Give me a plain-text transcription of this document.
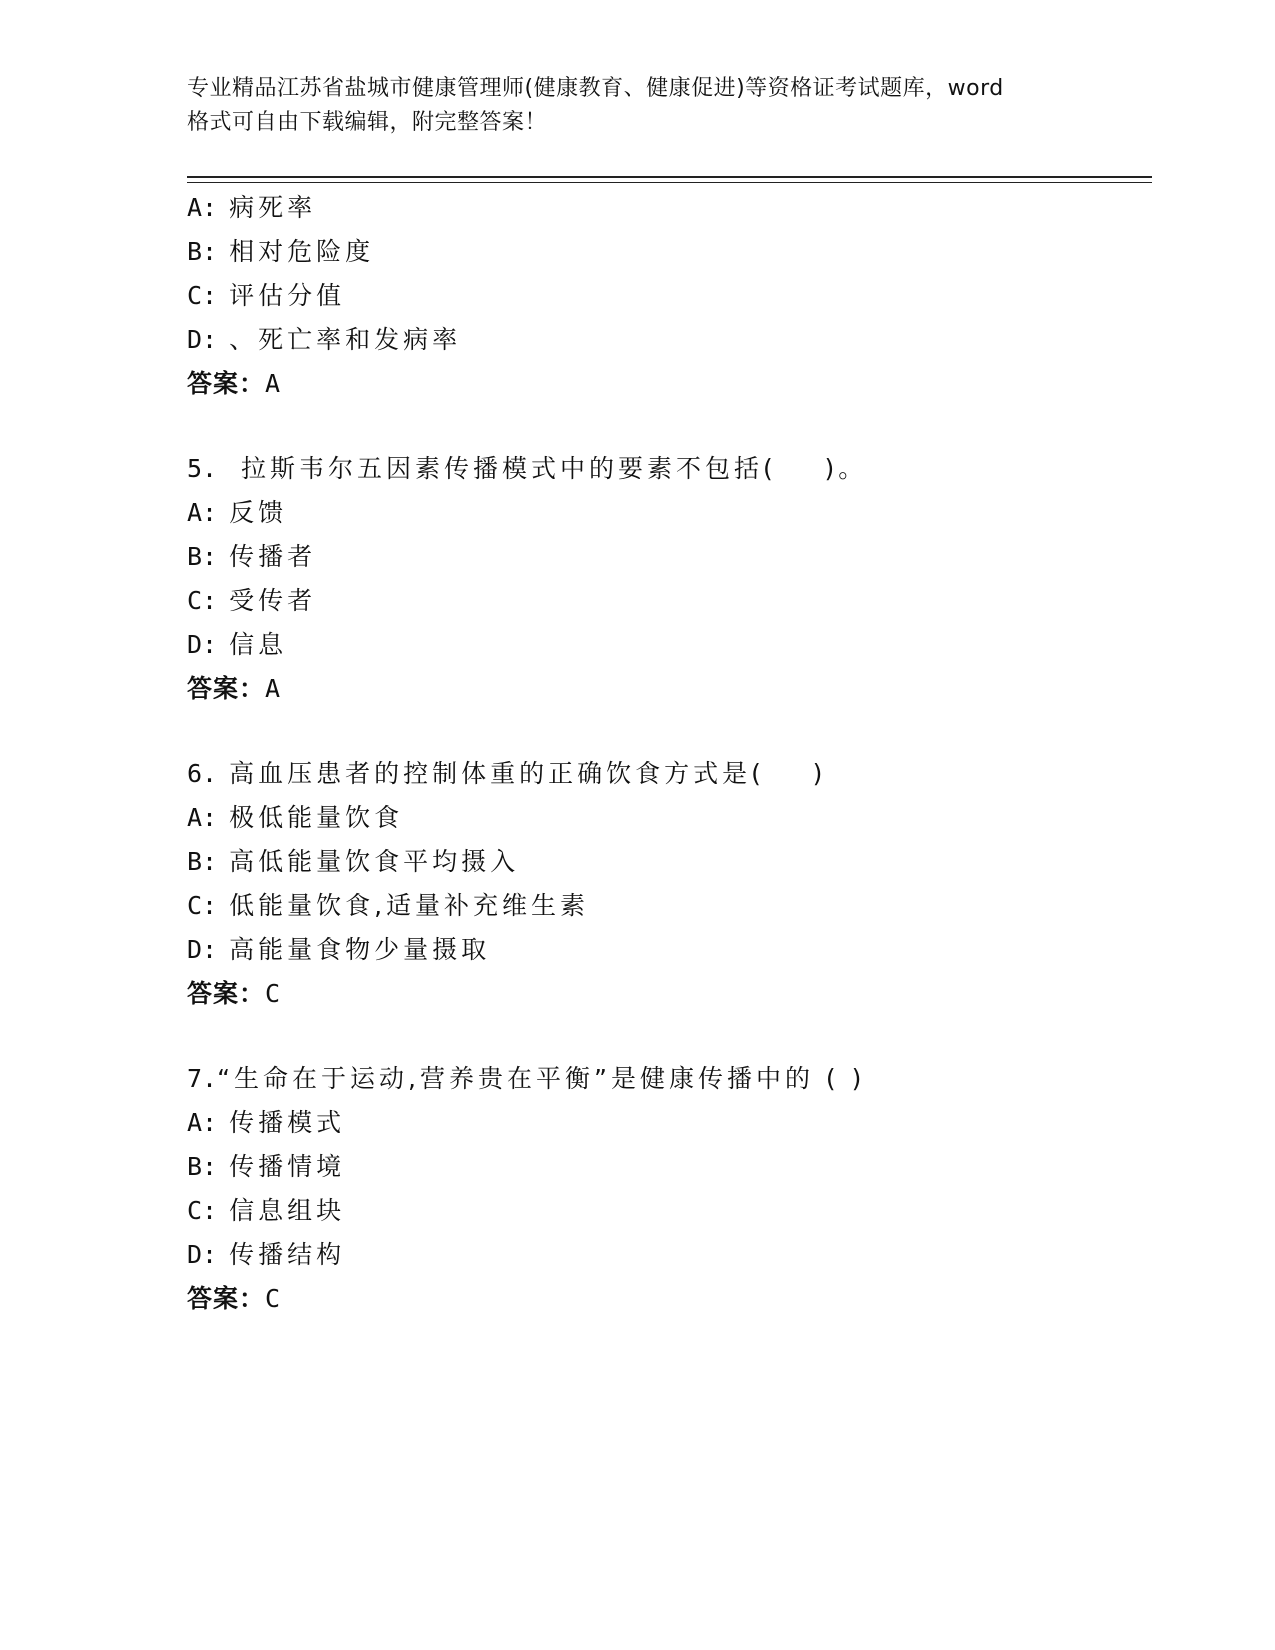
专业精品江苏省盐城市健康管理师(健康教育、健康促进)等资格证考试题库，word
格式可自由下载编辑，附完整答案！
A: 病死率
B: 相对危险度
C: 评估分值
D: 、死亡率和发病率
答案：A
5.  拉斯韦尔五因素传播模式中的要素不包括(    )。
A: 反馈
B: 传播者
C: 受传者
D: 信息
答案：A
6. 高血压患者的控制体重的正确饮食方式是(    )
A: 极低能量饮食
B: 高低能量饮食平均摄入
C: 低能量饮食,适量补充维生素
D: 高能量食物少量摄取
答案：C
7.“生命在于运动,营养贵在平衡”是健康传播中的 ( )
A: 传播模式
B: 传播情境
C: 信息组块
D: 传播结构
答案：C
